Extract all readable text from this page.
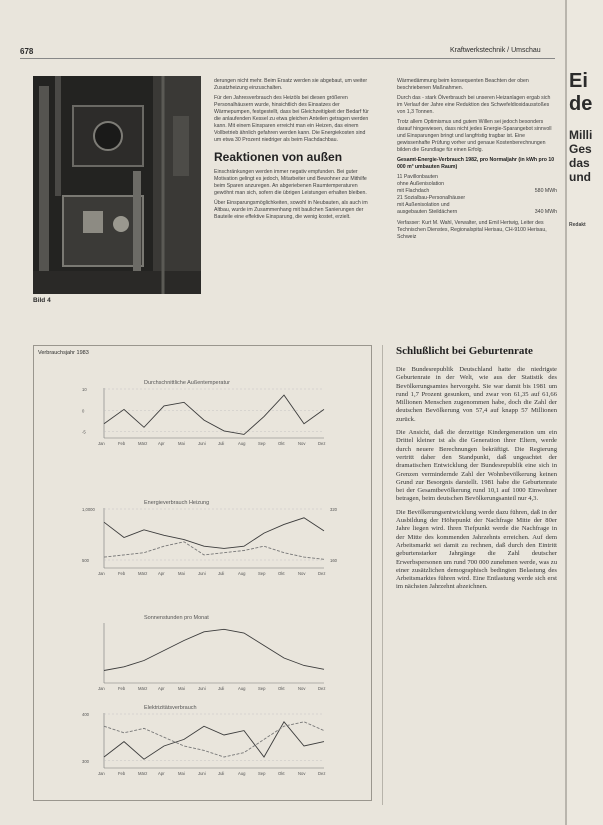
678	Kraftwerkstechnik / Umschau
Bild 4

derungen nicht mehr. Beim Ersatz werden sie abgebaut, um weiter Zusatzheizung einzuschalten.

Für den Jahresverbrauch des Heizöls bei diesen größeren Personalhäusern wurde, hinsichtlich des Einsatzes der Wärmepumpen, festgestellt, dass bei Gleichzeitigkeit der Bedarf für die anlaufenden Kessel zu etwa gleichen Anteilen getragen werden kann. Mit einem Einsparen erreicht man ein Heizen, das einem Vollbetrieb ähnlich gefahren werden kann. Die Energiekosten sind um etwa 30 Prozent niedriger als beim Flachdachbau.

Reaktionen von außen

Einschränkungen werden immer negativ empfunden. Bei guter Motivation gelingt es jedoch, Mitarbeiter und Bewohner zur Mithilfe beim Sparen anzuregen. An abgeriebenen Raumtemperaturen gewöhnt man sich, sofern die übrigen Leistungen erhalten bleiben.

Über Einsparungsmöglichkeiten, sowohl in Neubauten, als auch im Altbau, wurde im Zusammenhang mit baulichen Sanierungen der Bauteile eine effektive Einsparung, die wenig kostet, erzielt.

Wärmedämmung beim konsequenten Beachten der oben beschriebenen Maßnahmen.

Durch das - stark Ölverbrauch bei unseren Heizanlagen ergab sich im Verlauf der Jahre eine Reduktion des Schwefeldioxidausstoßes von 1,3 Tonnen.

Trotz allem Optimismus und gutem Willen sei jedoch besonders darauf hingewiesen, dass nicht jedes Energie-Sparangebot sinnvoll und Einsparungen bringt und langfristig tragbar ist. Eine gewissenhafte Prüfung vorher und genaue Kostenberechnungen bilden die Grundlage für einen Erfolg.

Gesamt-Energie-Verbrauch 1982, pro Normaljahr (in kWh pro 10 000 m³ umbauten Raum)

11 Pavillonbauten
ohne Außenisolation
mit Flachdach	580 MWh
21 Sozialbau-Personalhäuser
mit Außenisolation und
ausgebauten Steildächern	340 MWh

Verfasser: Kurt M. Wahl, Verwalter, und Emil Hertwig, Leiter des Technischen Dienstes, Regionalspital Herisau, CH-9100 Herisau, Schweiz

Verbrauchsjahr 1983
Durchschnittliche Außentemperatur
Jan	Feb	März	Apr	Mai	Juni	Juli	Aug	Sep	Okt	Nov	Dez
10
0
-5
Energieverbrauch Heizung
Jan	Feb	März	Apr	Mai	Juni	Juli	Aug	Sep	Okt	Nov	Dez
1,0000
500
320
160
Sonnenstunden pro Monat
Jan	Feb	März	Apr	Mai	Juni	Juli	Aug	Sep	Okt	Nov	Dez
Elektrizitätsverbrauch
Jan	Feb	März	Apr	Mai	Juni	Juli	Aug	Sep	Okt	Nov	Dez
400
300
Schlußlicht bei Geburtenrate

Die Bundesrepublik Deutschland hatte die niedrigste Geburtenrate in der Welt, wie aus der Statistik des Bevölkerungsamtes hervorgeht. Sie war damit bis 1981 um rund 1,7 Prozent gesunken, und zwar von 61,35 auf 61,66 Millionen Menschen zugenommen habe, doch die Zahl der deutschen Bevölkerung von 57,4 auf knapp 57 Millionen zurück.

Die Ansicht, daß die derzeitige Kindergeneration um ein Drittel kleiner ist als die Generation ihrer Eltern, werde durch neuere Berechnungen bekräftigt. Die Regierung vertritt daher den Standpunkt, daß ungeachtet der dramatischen Entwicklung der Bundesrepublik eine sich in Grenzen vermindernde Zahl der Wohnbevölkerung keinen Grund zur Besorgnis darstellt. 1981 habe die Geburtenrate bei der Gesamtbevölkerung rund 10,1 auf 1000 Einwohner betragen, beim deutschen Bevölkerungsanteil nur 4,3.

Die Bevölkerungsentwicklung werde dazu führen, daß in der Ausbildung der Höhepunkt der Nachfrage Mitte der 80er Jahre liegen wird. Ihren Tiefpunkt werde die Nachfrage in der Mitte des kommenden Jahrzehnts erreichen. Auf dem Arbeitsmarkt sei damit zu rechnen, daß durch den Eintritt geburtenstarker Jahrgänge die Zahl deutscher Erwerbspersonen um rund 700 000 zunehmen werde, was zu einer zusätzlichen demographisch bedingten Belastung des Arbeitsmarktes führen wird. Eine Entlastung werde sich erst im nächsten Jahrzehnt abzeichnen.

Ei
de
Milli
Ges
das
und
Redakt
